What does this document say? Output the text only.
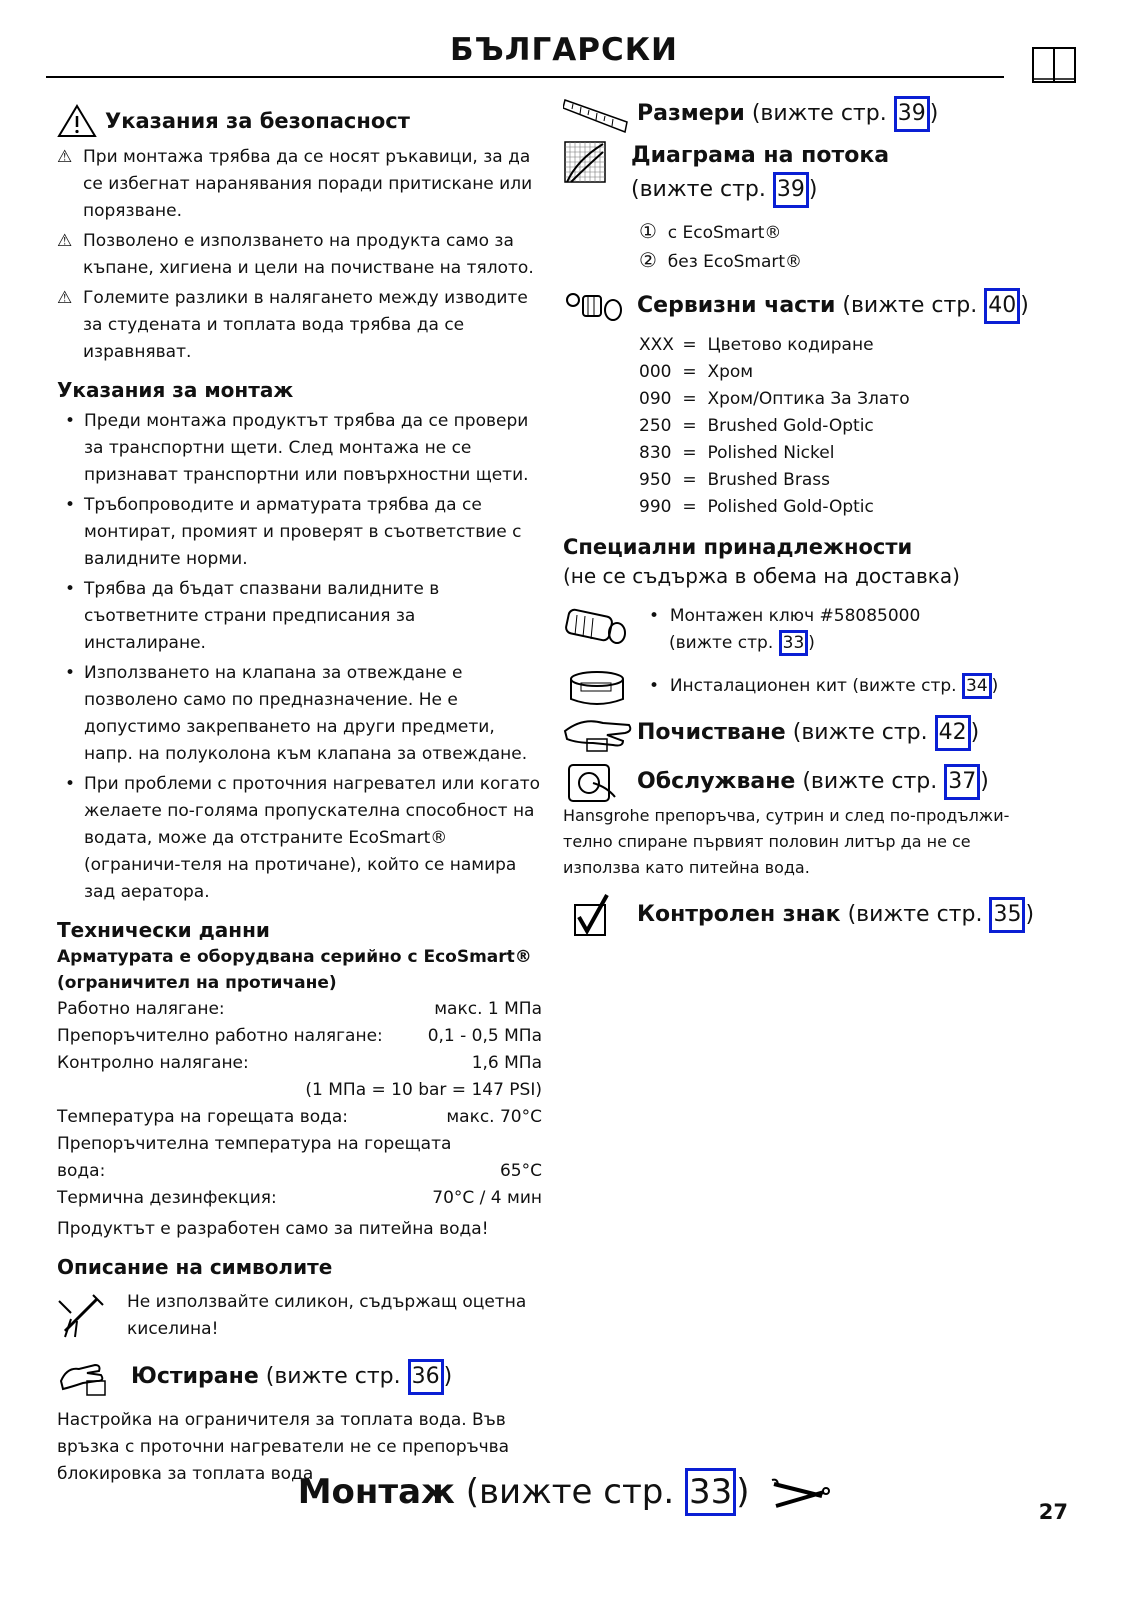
БЪЛГАРСКИ
Указания за безопасност
⚠ При монтажа трябва да се носят ръкавици, за да се избегнат наранявания поради притискане или порязване.
⚠ Позволено е използването на продукта само за къпане, хигиена и цели на почистване на тялото.
⚠ Големите разлики в налягането между изводите за студената и топлата вода трябва да се изравняват.
Указания за монтаж
• Преди монтажа продуктът трябва да се провери за транспортни щети. След монтажа не се признават транспортни или повърхностни щети.
• Тръбопроводите и арматурата трябва да се монтират, промият и проверят в съответствие с валидните норми.
• Трябва да бъдат спазвани валидните в съответните страни предписания за инсталиране.
• Използването на клапана за отвеждане е позволено само по предназначение. Не е допустимо закрепването на други предмети, напр. на полуколона към клапана за отвеждане.
• При проблеми с проточния нагревател или когато желаете по-голяма пропускателна способност на водата, може да отстраните EcoSmart® (ограничи-теля на протичане), който се намира зад аератора.
Технически данни
Арматурата е оборудвана серийно с EcoSmart® (ограничител на протичане)
Работно налягане:	макс. 1 МПа
Препоръчително работно налягане:	0,1 - 0,5 МПа
Контролно налягане:	1,6 МПа
(1 МПа = 10 bar = 147 PSI)
Температура на горещата вода:	макс. 70°C
Препоръчителна температура на горещата вода:	65°C
Термична дезинфекция:	70°C / 4 мин
Продуктът е разработен само за питейна вода!
Описание на символите
Не използвайте силикон, съдържащ оцетна киселина!
Юстиране (вижте стр. 36 )
Настройка на ограничителя за топлата вода. Във връзка с проточни нагреватели не се препоръчва блокировка за топлата вода
Размери (вижте стр. 39 )
Диаграма на потока
(вижте стр. 39 )
① с EcoSmart®
② без EcoSmart®
Сервизни части (вижте стр. 40 )
XXX =  Цветово кодиране
000 =  Хром
090 =  Хром/Оптика За Злато
250 =  Brushed Gold-Optic
830 =  Polished Nickel
950 =  Brushed Brass
990 =  Polished Gold-Optic
Специални принадлежности
(не се съдържа в обема на доставка)
•  Монтажен ключ #58085000
(вижте стр. 33 )
•  Инсталационен кит (вижте стр. 34 )
Почистване (вижте стр. 42 )
Обслужване (вижте стр. 37 )
Hansgrohe препоръчва, сутрин и след по-продължи-телно спиране първият половин литър да не се използва като питейна вода.
Контролен знак (вижте стр. 35 )
Монтаж (вижте стр. 33 )	27
